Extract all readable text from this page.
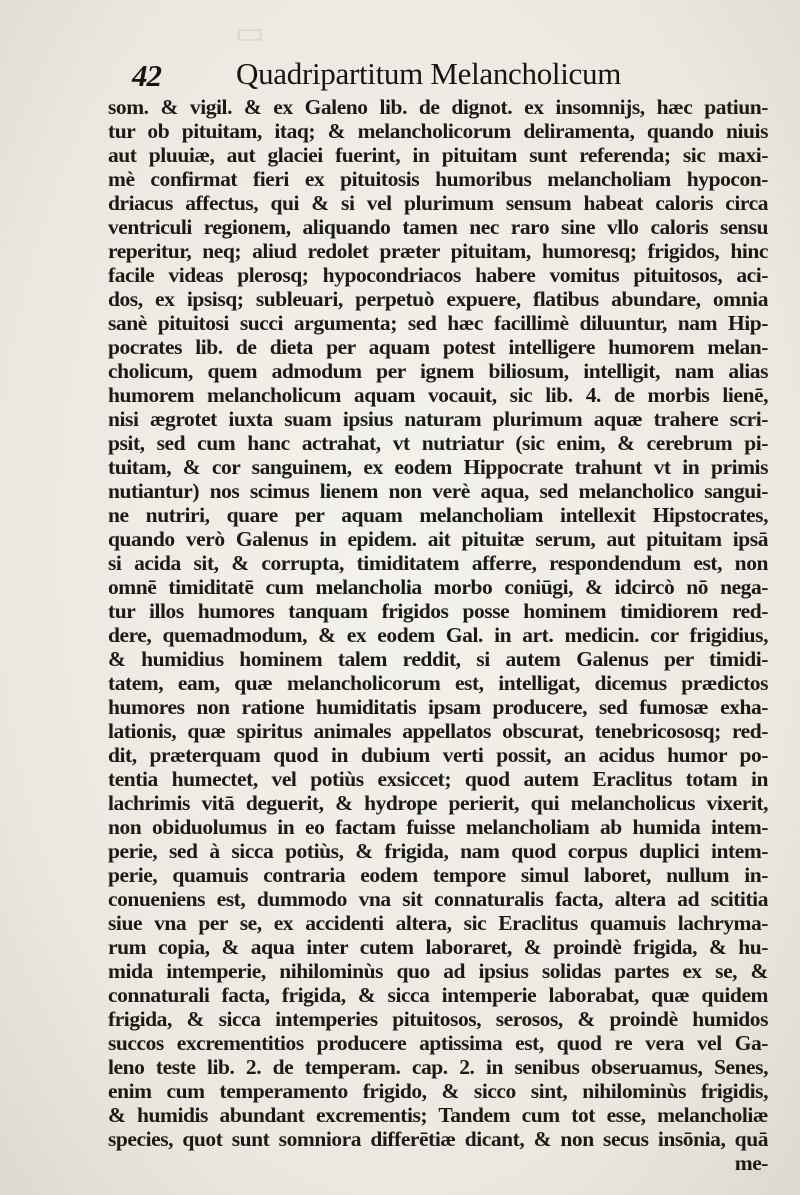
▭
42 Quadripartitum Melancholicum
som. & vigil. & ex Galeno lib. de dignot. ex insomnijs, hæc patiun-
tur ob pituitam, itaq; & melancholicorum deliramenta, quando niuis
aut pluuiæ, aut glaciei fuerint, in pituitam sunt referenda; sic maxi-
mè confirmat fieri ex pituitosis humoribus melancholiam hypocon-
driacus affectus, qui & si vel plurimum sensum habeat caloris circa
ventriculi regionem, aliquando tamen nec raro sine vllo caloris sensu
reperitur, neq; aliud redolet præter pituitam, humoresq; frigidos, hinc
facile videas plerosq; hypocondriacos habere vomitus pituitosos, aci-
dos, ex ipsisq; subleuari, perpetuò expuere, flatibus abundare, omnia
sanè pituitosi succi argumenta; sed hæc facillimè diluuntur, nam Hip-
pocrates lib. de dieta per aquam potest intelligere humorem melan-
cholicum, quem admodum per ignem biliosum, intelligit, nam alias
humorem melancholicum aquam vocauit, sic lib. 4. de morbis lienē,
nisi ægrotet iuxta suam ipsius naturam plurimum aquæ trahere scri-
psit, sed cum hanc actrahat, vt nutriatur (sic enim, & cerebrum pi-
tuitam, & cor sanguinem, ex eodem Hippocrate trahunt vt in primis
nutiantur) nos scimus lienem non verè aqua, sed melancholico sangui-
ne nutriri, quare per aquam melancholiam intellexit Hipstocrates,
quando verò Galenus in epidem. ait pituitæ serum, aut pituitam ipsā
si acida sit, & corrupta, timiditatem afferre, respondendum est, non
omnē timiditatē cum melancholia morbo coniūgi, & idcircò nō nega-
tur illos humores tanquam frigidos posse hominem timidiorem red-
dere, quemadmodum, & ex eodem Gal. in art. medicin. cor frigidius,
& humidius hominem talem reddit, si autem Galenus per timidi-
tatem, eam, quæ melancholicorum est, intelligat, dicemus prædictos
humores non ratione humiditatis ipsam producere, sed fumosæ exha-
lationis, quæ spiritus animales appellatos obscurat, tenebricososq; red-
dit, præterquam quod in dubium verti possit, an acidus humor po-
tentia humectet, vel potiùs exsiccet; quod autem Eraclitus totam in
lachrimis vitā deguerit, & hydrope perierit, qui melancholicus vixerit,
non obiduolumus in eo factam fuisse melancholiam ab humida intem-
perie, sed à sicca potiùs, & frigida, nam quod corpus duplici intem-
perie, quamuis contraria eodem tempore simul laboret, nullum in-
conueniens est, dummodo vna sit connaturalis facta, altera ad scititia
siue vna per se, ex accidenti altera, sic Eraclitus quamuis lachryma-
rum copia, & aqua inter cutem laboraret, & proindè frigida, & hu-
mida intemperie, nihilominùs quo ad ipsius solidas partes ex se, &
connaturali facta, frigida, & sicca intemperie laborabat, quæ quidem
frigida, & sicca intemperies pituitosos, serosos, & proindè humidos
succos excrementitios producere aptissima est, quod re vera vel Ga-
leno teste lib. 2. de temperam. cap. 2. in senibus obseruamus, Senes,
enim cum temperamento frigido, & sicco sint, nihilominùs frigidis,
& humidis abundant excrementis; Tandem cum tot esse, melancholiæ
species, quot sunt somniora differētiæ dicant, & non secus insōnia, quā
me-
